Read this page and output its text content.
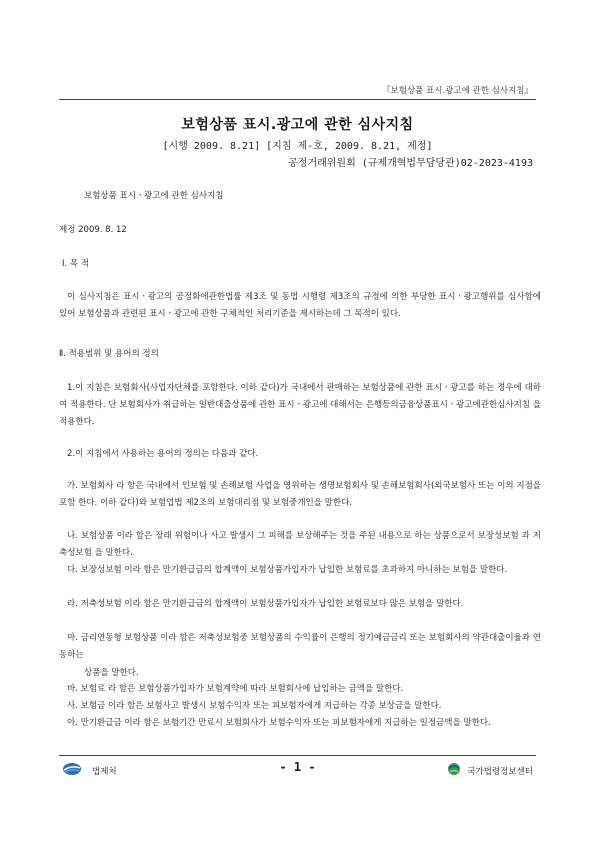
『보험상품 표시.광고에 관한 심사지침』
보험상품 표시.광고에 관한 심사지침
[시행 2009. 8.21] [지침 제-호, 2009. 8.21, 제정]
공정거래위원회 (규제개혁법무담당관)02-2023-4193
보험상품 표시ㆍ광고에 관한 심사지침
제정 2009. 8. 12
Ⅰ. 목 적
이 심사지침은 표시ㆍ광고의 공정화에관한법률 제3조 및 동법 시행령 제3조의 규정에 의한 부당한 표시ㆍ광고행위를 심사함에 있어 보험상품과 관련된 표시ㆍ광고에 관한 구체적인 처리기준을 제시하는데 그 목적이 있다.
Ⅱ. 적용범위 및 용어의 정의
1.이 지침은 보험회사(사업자단체를 포함한다. 이하 같다)가 국내에서 판매하는 보험상품에 관한 표시ㆍ광고를 하는 경우에 대하여 적용한다. 단 보험회사가 취급하는 일반대출상품에 관한 표시ㆍ광고에 대해서는 은행등의금융상품표시ㆍ광고에관한심사지침 을 적용한다.
2.이 지침에서 사용하는 용어의 정의는 다음과 같다.
가. 보험회사 라 함은 국내에서 인보험 및 손해보험 사업을 영위하는 생명보험회사 및 손해보험회사(외국보험사 또는 이의 지점을 포함 한다. 이하 같다)와 보험업법 제2조의 보험대리점 및 보험중개인을 말한다.
나. 보험상품 이라 함은 장래 위험이나 사고 발생시 그 피해를 보상해주는 것을 주된 내용으로 하는 상품으로서 보장성보험 과 저축성보험 을 말한다.
다. 보장성보험 이라 함은 만기환급금의 합계액이 보험상품가입자가 납입한 보험료를 초과하지 아니하는 보험을 말한다.
라. 저축성보험 이라 함은 만기환급금의 합계액이 보험상품가입자가 납입한 보험료보다 많은 보험을 말한다.
마. 금리연동형 보험상품 이라 함은 저축성보험중 보험상품의 수익률이 은행의 정기예금금리 또는 보험회사의 약관대출이율과 연동하는
상품을 말한다.
바. 보험료 라 함은 보험상품가입자가 보험계약에 따라 보험회사에 납입하는 금액을 말한다.
사. 보험금 이라 함은 보험사고 발생시 보험수익자 또는 피보험자에게 지급하는 각종 보상금을 말한다.
아. 만기환급금 이라 함은 보험기간 만료시 보험회사가 보험수익자 또는 피보험자에게 지급하는 일정금액을 말한다.
법제처	- 1 -	국가법령정보센터
